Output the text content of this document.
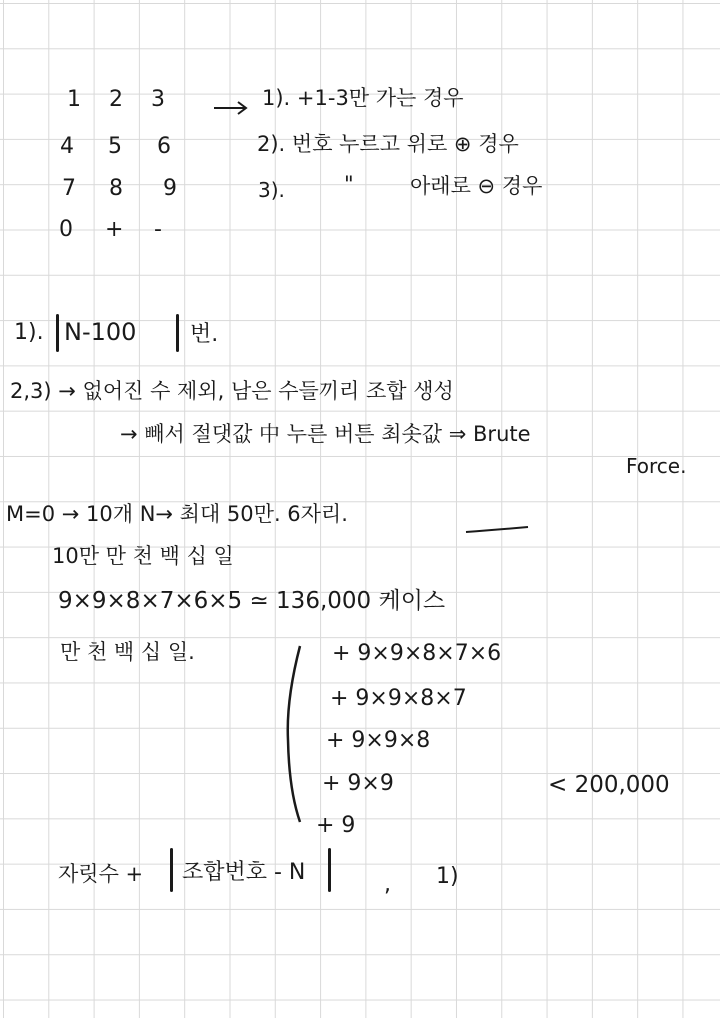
1 2 3
4 5 6
7 8 9
0 + -
1). +1-3만 가는 경우
2). 번호 누르고 위로 ⊕ 경우
3).	"	아래로 ⊖ 경우
1). N-100 번.
2,3) → 없어진 수 제외, 남은 수들끼리 조합 생성
→ 빼서 절댓값 中 누른 버튼 최솟값 ⇒ Brute
Force.
M=0 → 10개 N→ 최대 50만. 6자리.
10만 만 천 백 십 일
9×9×8×7×6×5 ≃ 136,000 케이스
만 천 백 십 일.	+ 9×9×8×7×6
+ 9×9×8×7
+ 9×9×8
+ 9×9
+ 9
< 200,000
자릿수 + 조합번호 - N	, 1)
